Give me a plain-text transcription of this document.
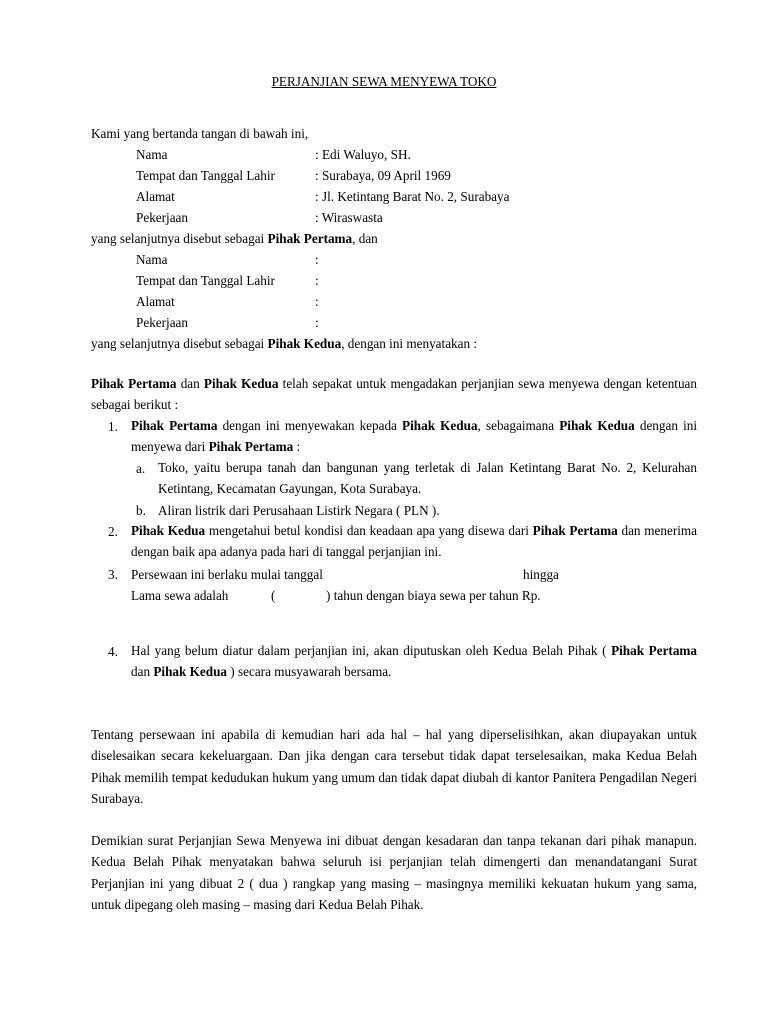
PERJANJIAN SEWA MENYEWA TOKO
Kami yang bertanda tangan di bawah ini,
Nama	: Edi Waluyo, SH.
Tempat dan Tanggal Lahir	: Surabaya, 09 April 1969
Alamat	: Jl. Ketintang Barat No. 2, Surabaya
Pekerjaan	: Wiraswasta
yang selanjutnya disebut sebagai Pihak Pertama, dan
Nama	:
Tempat dan Tanggal Lahir	:
Alamat	:
Pekerjaan	:
yang selanjutnya disebut sebagai Pihak Kedua, dengan ini menyatakan :
Pihak Pertama dan Pihak Kedua telah sepakat untuk mengadakan perjanjian sewa menyewa dengan ketentuan sebagai berikut :
1. Pihak Pertama dengan ini menyewakan kepada Pihak Kedua, sebagaimana Pihak Kedua dengan ini menyewa dari Pihak Pertama :
a. Toko, yaitu berupa tanah dan bangunan yang terletak di Jalan Ketintang Barat No. 2, Kelurahan Ketintang, Kecamatan Gayungan, Kota Surabaya.
b. Aliran listrik dari Perusahaan Listirk Negara ( PLN ).
2. Pihak Kedua mengetahui betul kondisi dan keadaan apa yang disewa dari Pihak Pertama dan menerima dengan baik apa adanya pada hari di tanggal perjanjian ini.
3. Persewaan ini berlaku mulai tanggal	hingga
Lama sewa adalah	(	) tahun dengan biaya sewa per tahun Rp.
4. Hal yang belum diatur dalam perjanjian ini, akan diputuskan oleh Kedua Belah Pihak ( Pihak Pertama dan Pihak Kedua ) secara musyawarah bersama.
Tentang persewaan ini apabila di kemudian hari ada hal – hal yang diperselisihkan, akan diupayakan untuk diselesaikan secara kekeluargaan. Dan jika dengan cara tersebut tidak dapat terselesaikan, maka Kedua Belah Pihak memilih tempat kedudukan hukum yang umum dan tidak dapat diubah di kantor Panitera Pengadilan Negeri Surabaya.
Demikian surat Perjanjian Sewa Menyewa ini dibuat dengan kesadaran dan tanpa tekanan dari pihak manapun. Kedua Belah Pihak menyatakan bahwa seluruh isi perjanjian telah dimengerti dan menandatangani Surat Perjanjian ini yang dibuat 2 ( dua ) rangkap yang masing – masingnya memiliki kekuatan hukum yang sama, untuk dipegang oleh masing – masing dari Kedua Belah Pihak.
